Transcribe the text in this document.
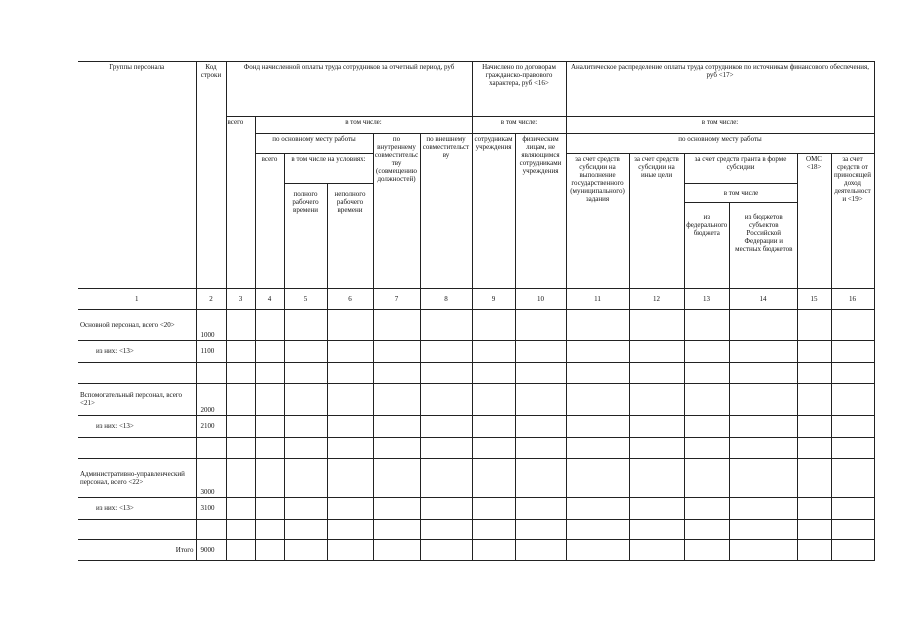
Группы персонала	Код строки	Фонд начисленной оплаты труда сотрудников за отчетный период, руб	Начислено по договорам гражданско-правового характера, руб <16>	Аналитическое распределение оплаты труда сотрудников по источникам финансового обеспечения, руб <17>
всего	в том числе:	в том числе:	в том числе:
по основному месту работы	по внутреннему совместительству (совмещению должностей)	по внешнему совместительству	сотрудникам учреждения	физическим лицам, не являющимся сотрудниками учреждения	по основному месту работы
всего	в том числе на условиях:	за счет средств субсидии на выполнение государственного (муниципального) задания	за счет средств субсидии на иные цели	за счет средств гранта в форме субсидии	ОМС <18>	за счет средств от приносящей доход деятельности <19>
полного рабочего времени	неполного рабочего времени	
в том числе
из федерального бюджета	из бюджетов субъектов Российской Федерации и местных бюджетов

1	2	3	4	5	6	7	8	9	10	11	12	13	14	15	16
Основной персонал, всего <20>	1000														
из них: <13>	1100														

Вспомогательный персонал, всего <21>	2000														
из них: <13>	2100														

Административно-управленческий персонал, всего <22>	3000														
из них: <13>	3100														

Итого	9000														
